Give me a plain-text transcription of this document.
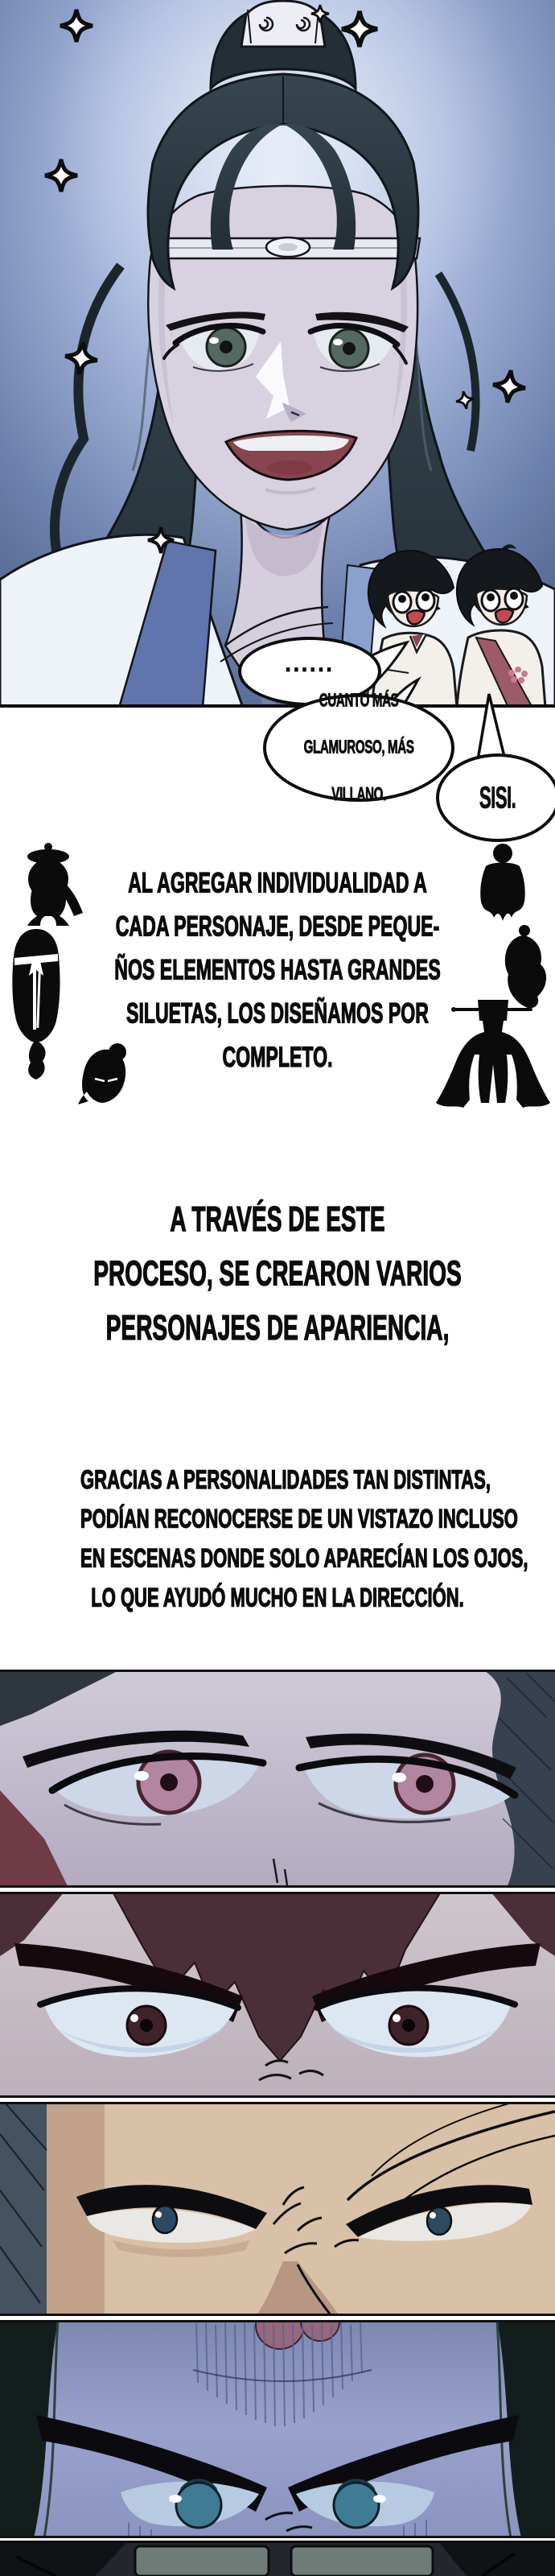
......

CUANTO MÁS

GLAMUROSO, MÁS

VILLANO.	SISI.
AL AGREGAR INDIVIDUALIDAD A
CADA PERSONAJE, DESDE PEQUE-
ÑOS ELEMENTOS HASTA GRANDES
SILUETAS, LOS DISEÑAMOS POR
COMPLETO.
A TRAVÉS DE ESTE
PROCESO, SE CREARON VARIOS
PERSONAJES DE APARIENCIA,
GRACIAS A PERSONALIDADES TAN DISTINTAS,
PODÍAN RECONOCERSE DE UN VISTAZO INCLUSO
EN ESCENAS DONDE SOLO APARECÍAN LOS OJOS,
LO QUE AYUDÓ MUCHO EN LA DIRECCIÓN.
